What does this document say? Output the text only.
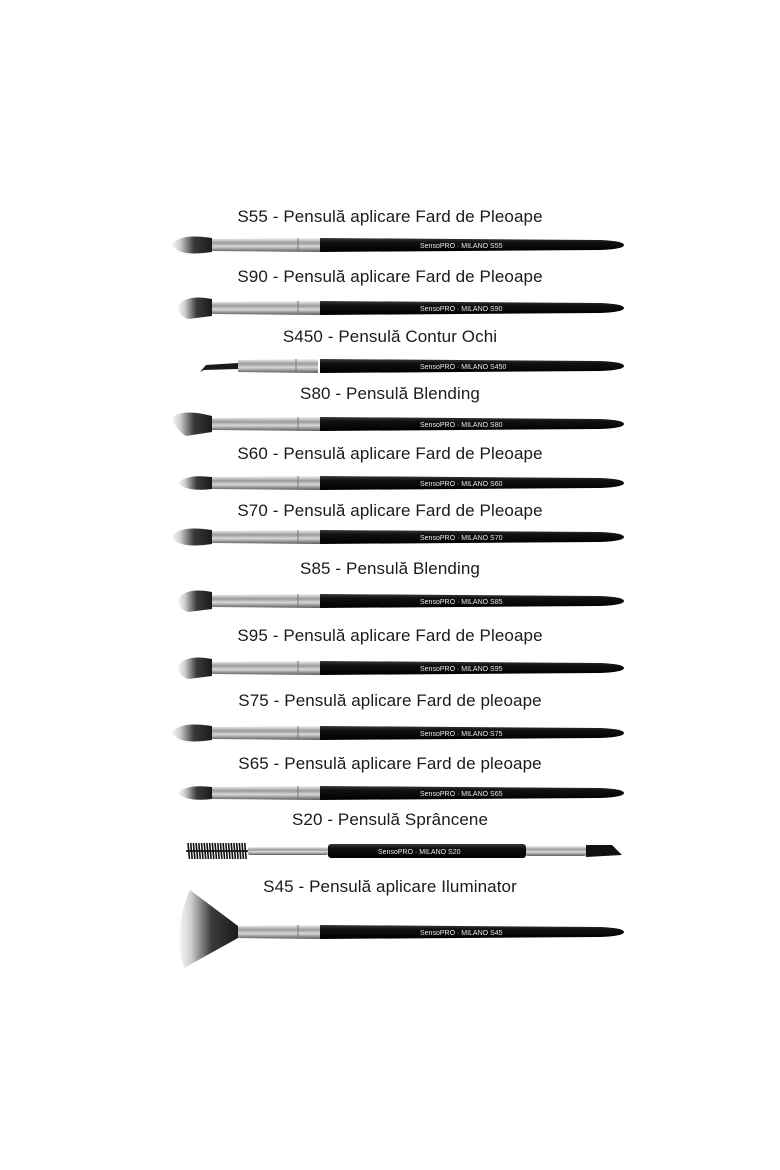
S55 - Pensulă aplicare Fard de Pleoape
S90 - Pensulă aplicare Fard de Pleoape
S450 - Pensulă Contur Ochi
S80 - Pensulă Blending
S60 - Pensulă aplicare Fard de Pleoape
S70 - Pensulă aplicare Fard de Pleoape
S85 - Pensulă Blending
S95 - Pensulă aplicare Fard de Pleoape
S75 - Pensulă aplicare Fard de pleoape
S65 - Pensulă aplicare Fard de pleoape
S20 - Pensulă Sprâncene
S45 - Pensulă aplicare Iluminator
SensoPRO · MILANO S55
SensoPRO · MILANO S90
SensoPRO · MILANO S450
SensoPRO · MILANO S80
SensoPRO · MILANO S60
SensoPRO · MILANO S70
SensoPRO · MILANO S85
SensoPRO · MILANO S95
SensoPRO · MILANO S75
SensoPRO · MILANO S65
SensoPRO · MILANO S20
SensoPRO · MILANO S45
